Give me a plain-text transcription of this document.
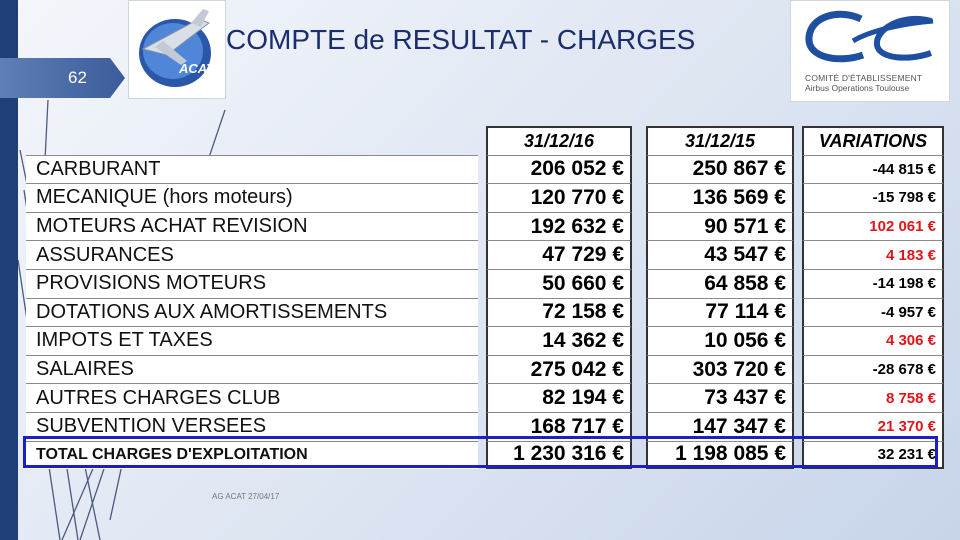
62	ACAT
COMPTE de RESULTAT - CHARGES
COMITÉ D'ÉTABLISSEMENT
Airbus Operations Toulouse
		31/12/16		31/12/15		VARIATIONS
CARBURANT		206 052 €		250 867 €		-44 815 €
MECANIQUE (hors moteurs)		120 770 €		136 569 €		-15 798 €
MOTEURS ACHAT REVISION		192 632 €		90 571 €		102 061 €
ASSURANCES		47 729 €		43 547 €		4 183 €
PROVISIONS MOTEURS		50 660 €		64 858 €		-14 198 €
DOTATIONS AUX AMORTISSEMENTS		72 158 €		77 114 €		-4 957 €
IMPOTS ET TAXES		14 362 €		10 056 €		4 306 €
SALAIRES		275 042 €		303 720 €		-28 678 €
AUTRES CHARGES CLUB		82 194 €		73 437 €		8 758 €
SUBVENTION VERSEES		168 717 €		147 347 €		21 370 €
TOTAL CHARGES D'EXPLOITATION		1 230 316 €		1 198 085 €		32 231 €
AG ACAT 27/04/17
